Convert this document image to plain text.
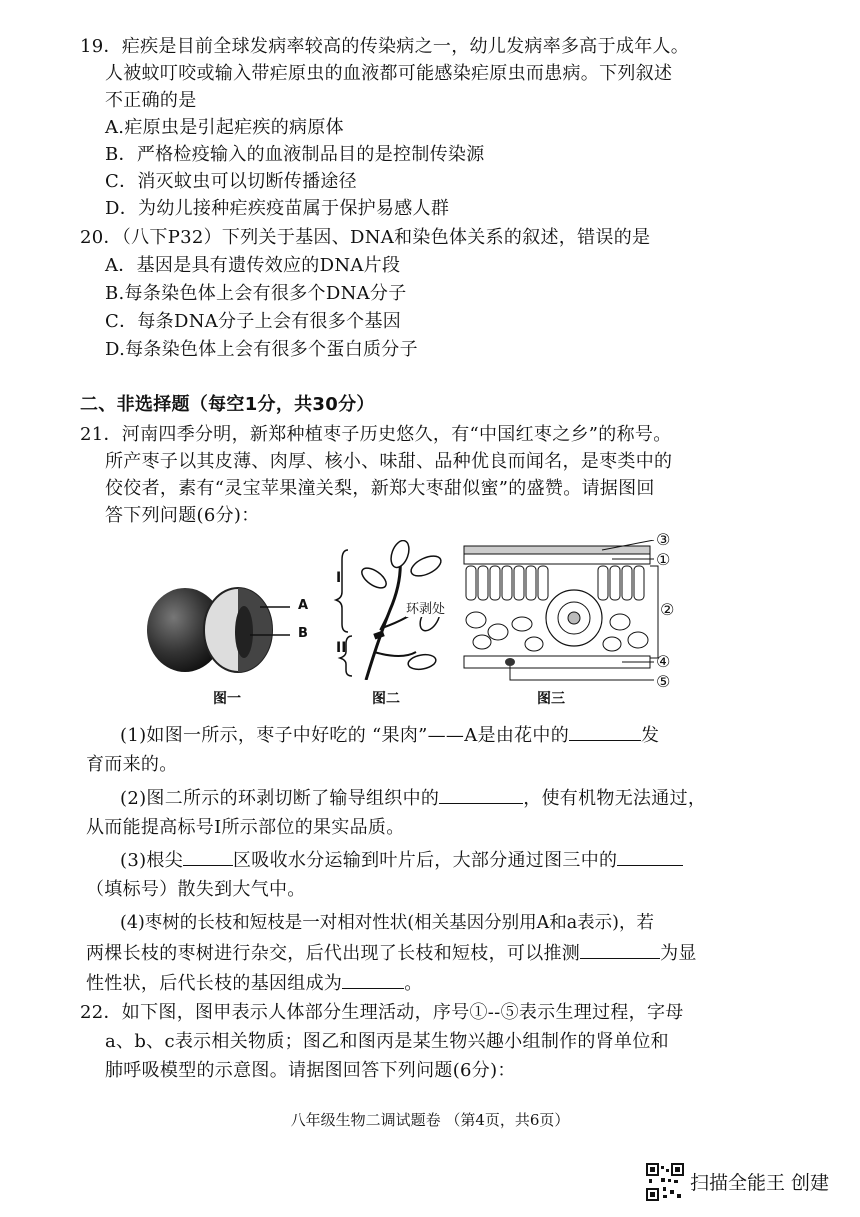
19．疟疾是目前全球发病率较高的传染病之一，幼儿发病率多高于成年人。
人被蚊叮咬或输入带疟原虫的血液都可能感染疟原虫而患病。下列叙述
不正确的是
A.疟原虫是引起疟疾的病原体
B．严格检疫输入的血液制品目的是控制传染源
C．消灭蚊虫可以切断传播途径
D．为幼儿接种疟疾疫苗属于保护易感人群
20．（八下P32）下列关于基因、DNA和染色体关系的叙述，错误的是
A．基因是具有遗传效应的DNA片段
B.每条染色体上会有很多个DNA分子
C．每条DNA分子上会有很多个基因
D.每条染色体上会有很多个蛋白质分子
二、非选择题（每空1分，共30分）
21．河南四季分明，新郑种植枣子历史悠久，有“中国红枣之乡”的称号。
所产枣子以其皮薄、肉厚、核小、味甜、品种优良而闻名，是枣类中的
佼佼者，素有“灵宝苹果潼关梨，新郑大枣甜似蜜”的盛赞。请据图回
答下列问题(6分)：
A
B
图一
I
II
环剥处
图二
③
①
②
④
⑤
图三
(1)如图一所示，枣子中好吃的 “果肉”——A是由花中的	发
育而来的。
(2)图二所示的环剥切断了输导组织中的	，使有机物无法通过，
从而能提高标号Ⅰ所示部位的果实品质。
(3)根尖	区吸收水分运输到叶片后，大部分通过图三中的
（填标号）散失到大气中。
(4)枣树的长枝和短枝是一对相对性状(相关基因分别用A和a表示)，若
两棵长枝的枣树进行杂交，后代出现了长枝和短枝，可以推测	为显
性性状，后代长枝的基因组成为	。
22．如下图，图甲表示人体部分生理活动，序号①--⑤表示生理过程，字母
a、b、c表示相关物质；图乙和图丙是某生物兴趣小组制作的肾单位和
肺呼吸模型的示意图。请据图回答下列问题(6分)：
八年级生物二调试题卷 （第4页，共6页）
扫描全能王 创建
